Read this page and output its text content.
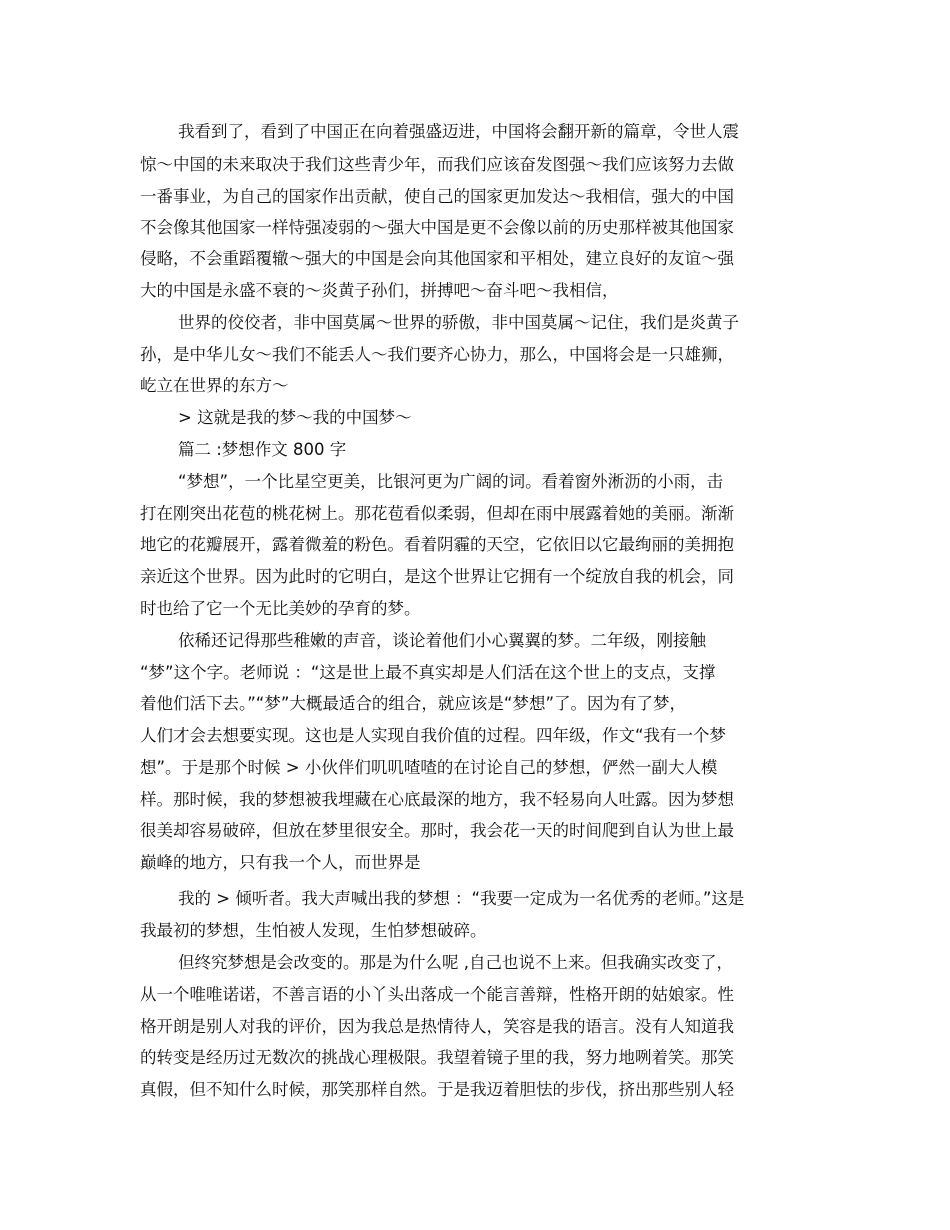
我看到了，看到了中国正在向着强盛迈进，中国将会翻开新的篇章，令世人震
惊～中国的未来取决于我们这些青少年，而我们应该奋发图强～我们应该努力去做
一番事业，为自己的国家作出贡献，使自己的国家更加发达～我相信，强大的中国
不会像其他国家一样恃强凌弱的～强大中国是更不会像以前的历史那样被其他国家
侵略，不会重蹈覆辙～强大的中国是会向其他国家和平相处，建立良好的友谊～强
大的中国是永盛不衰的～炎黄子孙们，拼搏吧～奋斗吧～我相信，
世界的佼佼者，非中国莫属～世界的骄傲，非中国莫属～记住，我们是炎黄子
孙，是中华儿女～我们不能丢人～我们要齐心协力，那么，中国将会是一只雄狮，
屹立在世界的东方～
> 这就是我的梦～我的中国梦～
篇二 :梦想作文 800 字
“梦想”，一个比星空更美，比银河更为广阔的词。看着窗外淅沥的小雨，击
打在刚突出花苞的桃花树上。那花苞看似柔弱，但却在雨中展露着她的美丽。渐渐
地它的花瓣展开，露着微羞的粉色。看着阴霾的天空，它依旧以它最绚丽的美拥抱
亲近这个世界。因为此时的它明白，是这个世界让它拥有一个绽放自我的机会，同
时也给了它一个无比美妙的孕育的梦。
依稀还记得那些稚嫩的声音，谈论着他们小心翼翼的梦。二年级，刚接触
“梦”这个字。老师说 ：“这是世上最不真实却是人们活在这个世上的支点，支撑
着他们活下去。”“梦”大概最适合的组合，就应该是“梦想”了。因为有了梦，
人们才会去想要实现。这也是人实现自我价值的过程。四年级，作文“我有一个梦
想”。于是那个时候 > 小伙伴们叽叽喳喳的在讨论自己的梦想，俨然一副大人模
样。那时候，我的梦想被我埋藏在心底最深的地方，我不轻易向人吐露。因为梦想
很美却容易破碎，但放在梦里很安全。那时，我会花一天的时间爬到自认为世上最
巅峰的地方，只有我一个人，而世界是
我的 > 倾听者。我大声喊出我的梦想 ：“我要一定成为一名优秀的老师。”这是
我最初的梦想，生怕被人发现，生怕梦想破碎。
但终究梦想是会改变的。那是为什么呢 ,自己也说不上来。但我确实改变了，
从一个唯唯诺诺，不善言语的小丫头出落成一个能言善辩，性格开朗的姑娘家。性
格开朗是别人对我的评价，因为我总是热情待人，笑容是我的语言。没有人知道我
的转变是经历过无数次的挑战心理极限。我望着镜子里的我，努力地咧着笑。那笑
真假，但不知什么时候，那笑那样自然。于是我迈着胆怯的步伐，挤出那些别人轻
